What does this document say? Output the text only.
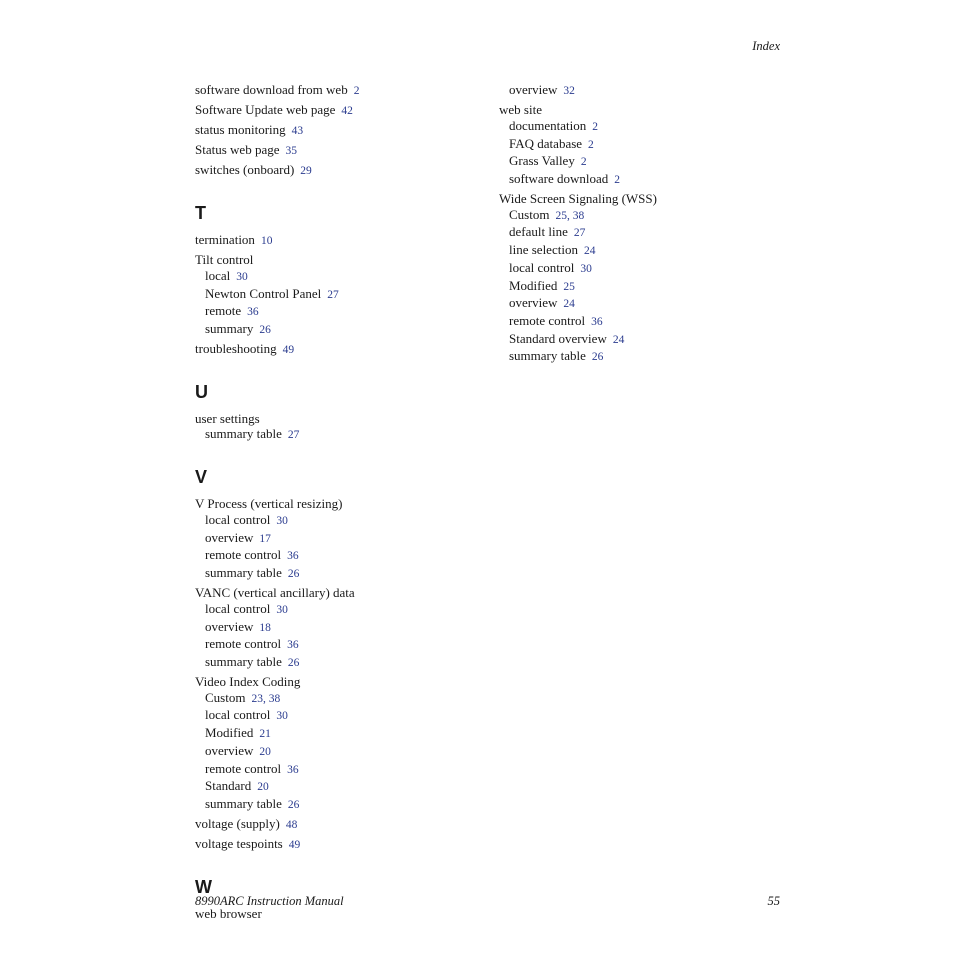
Index
software download from web 2
Software Update web page 42
status monitoring 43
Status web page 35
switches (onboard) 29
T
termination 10
Tilt control
local 30
Newton Control Panel 27
remote 36
summary 26
troubleshooting 49
U
user settings
summary table 27
V
V Process (vertical resizing)
local control 30
overview 17
remote control 36
summary table 26
VANC (vertical ancillary) data
local control 30
overview 18
remote control 36
summary table 26
Video Index Coding
Custom 23, 38
local control 30
Modified 21
overview 20
remote control 36
Standard 20
summary table 26
voltage (supply) 48
voltage tespoints 49
W
web browser
overview 32
web site
documentation 2
FAQ database 2
Grass Valley 2
software download 2
Wide Screen Signaling (WSS)
Custom 25, 38
default line 27
line selection 24
local control 30
Modified 25
overview 24
remote control 36
Standard overview 24
summary table 26
8990ARC Instruction Manual	55
